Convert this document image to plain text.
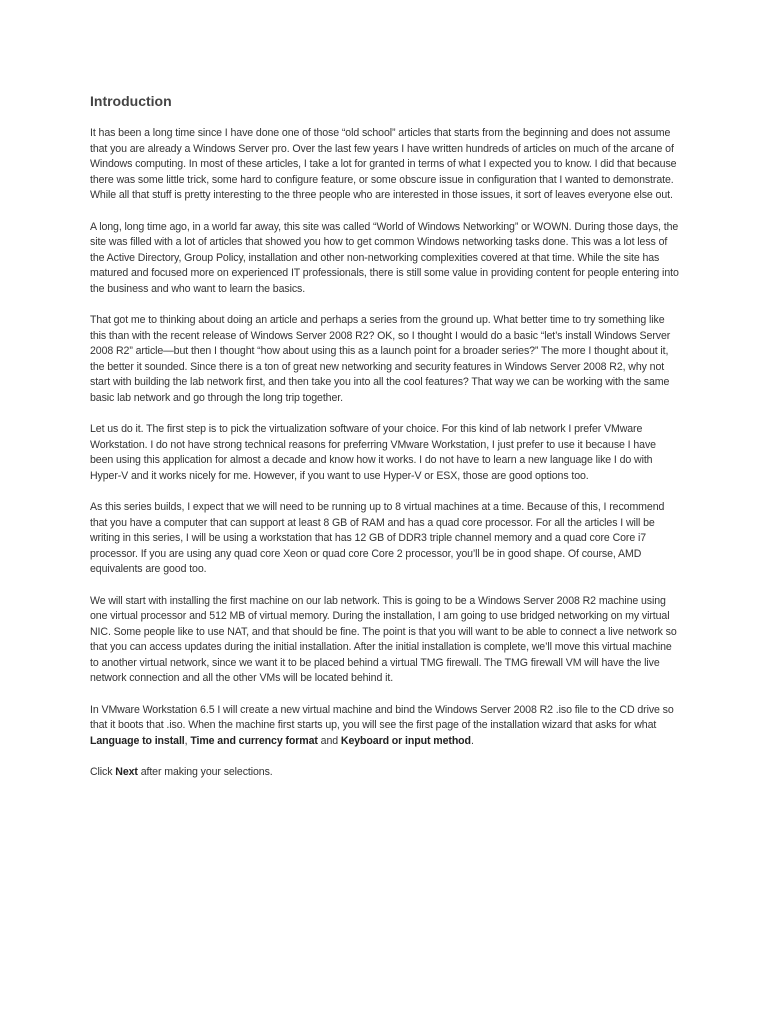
Introduction

It has been a long time since I have done one of those “old school” articles that starts from the beginning and does not assume that you are already a Windows Server pro. Over the last few years I have written hundreds of articles on much of the arcane of Windows computing. In most of these articles, I take a lot for granted in terms of what I expected you to know. I did that because there was some little trick, some hard to configure feature, or some obscure issue in configuration that I wanted to demonstrate. While all that stuff is pretty interesting to the three people who are interested in those issues, it sort of leaves everyone else out.

A long, long time ago, in a world far away, this site was called “World of Windows Networking” or WOWN. During those days, the site was filled with a lot of articles that showed you how to get common Windows networking tasks done. This was a lot less of the Active Directory, Group Policy, installation and other non-networking complexities covered at that time. While the site has matured and focused more on experienced IT professionals, there is still some value in providing content for people entering into the business and who want to learn the basics.

That got me to thinking about doing an article and perhaps a series from the ground up. What better time to try something like this than with the recent release of Windows Server 2008 R2? OK, so I thought I would do a basic “let’s install Windows Server 2008 R2” article—but then I thought “how about using this as a launch point for a broader series?” The more I thought about it, the better it sounded. Since there is a ton of great new networking and security features in Windows Server 2008 R2, why not start with building the lab network first, and then take you into all the cool features? That way we can be working with the same basic lab network and go through the long trip together.

Let us do it. The first step is to pick the virtualization software of your choice. For this kind of lab network I prefer VMware Workstation. I do not have strong technical reasons for preferring VMware Workstation, I just prefer to use it because I have been using this application for almost a decade and know how it works. I do not have to learn a new language like I do with Hyper-V and it works nicely for me. However, if you want to use Hyper-V or ESX, those are good options too.

As this series builds, I expect that we will need to be running up to 8 virtual machines at a time. Because of this, I recommend that you have a computer that can support at least 8 GB of RAM and has a quad core processor. For all the articles I will be writing in this series, I will be using a workstation that has 12 GB of DDR3 triple channel memory and a quad core Core i7 processor. If you are using any quad core Xeon or quad core Core 2 processor, you’ll be in good shape. Of course, AMD equivalents are good too.

We will start with installing the first machine on our lab network. This is going to be a Windows Server 2008 R2 machine using one virtual processor and 512 MB of virtual memory. During the installation, I am going to use bridged networking on my virtual NIC. Some people like to use NAT, and that should be fine. The point is that you will want to be able to connect a live network so that you can access updates during the initial installation. After the initial installation is complete, we’ll move this virtual machine to another virtual network, since we want it to be placed behind a virtual TMG firewall. The TMG firewall VM will have the live network connection and all the other VMs will be located behind it.

In VMware Workstation 6.5 I will create a new virtual machine and bind the Windows Server 2008 R2 .iso file to the CD drive so that it boots that .iso. When the machine first starts up, you will see the first page of the installation wizard that asks for what Language to install, Time and currency format and Keyboard or input method.

Click Next after making your selections.
